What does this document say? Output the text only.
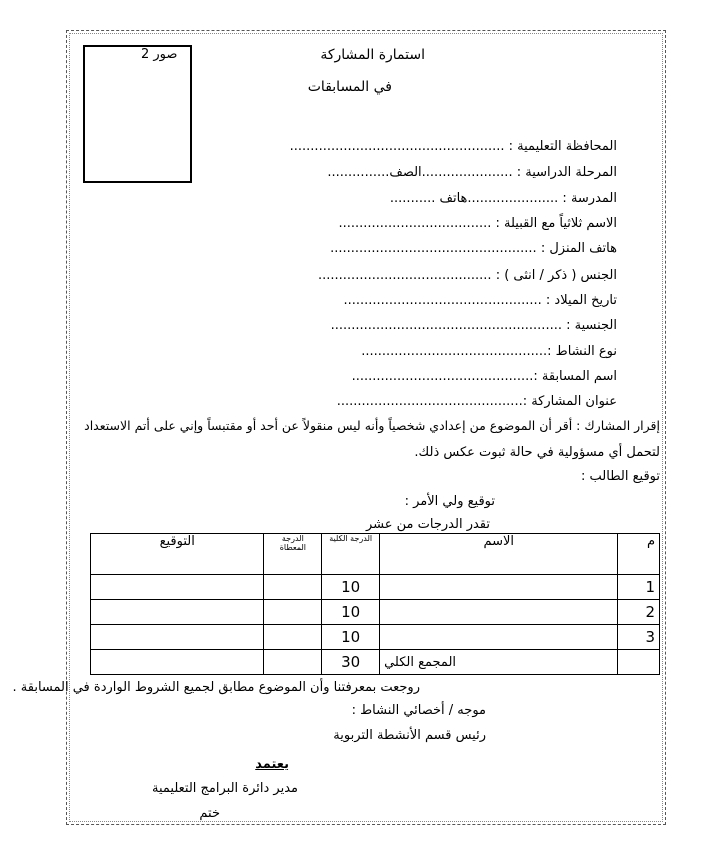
2 صور	استمارة المشاركة
في المسابقات
المحافظة التعليمية : ....................................................
المرحلة الدراسية : ......................الصف...............
المدرسة : ......................هاتف ...........
الاسم ثلاثياً مع القبيلة : .....................................
هاتف المنزل : ..................................................
الجنس ( ذكر / انثى ) : ..........................................
تاريخ الميلاد : ................................................
الجنسية : ........................................................
نوع النشاط :.............................................
اسم المسابقة :............................................
عنوان المشاركة :.............................................
إقرار المشارك : أقر أن الموضوع من إعدادي شخصياً وأنه ليس منقولاً عن أحد أو مقتبساً وإني على أتم الاستعداد
لتحمل أي مسؤولية في حالة ثبوت عكس ذلك.
توقيع الطالب :
توقيع ولي الأمر :
تقدر الدرجات من عشر
م	الاسم	الدرجة الكلية	الدرجة المعطاة	التوقيع
1		10		
2		10		
3		10		
	المجمع الكلي	30		
روجعت بمعرفتنا وأن الموضوع مطابق لجميع الشروط الواردة في المسابقة .
موجه / أخصائي النشاط :
رئيس قسم الأنشطة التربوية
يعتمد
مدير دائرة البرامج التعليمية
ختم
